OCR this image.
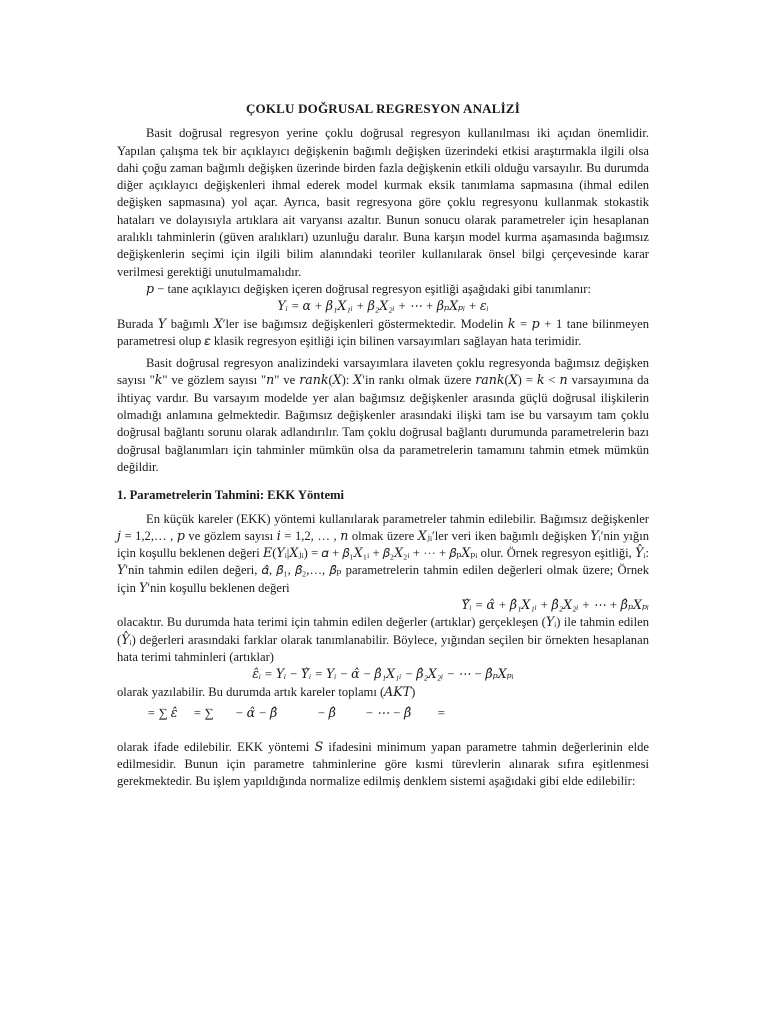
ÇOKLU DOĞRUSAL REGRESYON ANALİZİ

Basit doğrusal regresyon yerine çoklu doğrusal regresyon kullanılması iki açıdan önemlidir. Yapılan çalışma tek bir açıklayıcı değişkenin bağımlı değişken üzerindeki etkisi araştırmakla ilgili olsa dahi çoğu zaman bağımlı değişken üzerinde birden fazla değişkenin etkili olduğu varsayılır. Bu durumda diğer açıklayıcı değişkenleri ihmal ederek model kurmak eksik tanımlama sapmasına (ihmal edilen değişken sapmasına) yol açar. Ayrıca, basit regresyona göre çoklu regresyonu kullanmak stokastik hataları ve dolayısıyla artıklara ait varyansı azaltır. Bunun sonucu olarak parametreler için hesaplanan aralıklı tahminlerin (güven aralıkları) uzunluğu daralır. Buna karşın model kurma aşamasında bağımsız değişkenlerin seçimi için ilgili bilim alanındaki teoriler kullanılarak önsel bilgi çerçevesinde karar verilmesi gerektiği unutulmamalıdır.

𝑝 − tane açıklayıcı değişken içeren doğrusal regresyon eşitliği aşağıdaki gibi tanımlanır:

𝑌ᵢ = 𝛼 + 𝛽₁𝑋₁ᵢ + 𝛽₂𝑋₂ᵢ + ⋯ + 𝛽ₚ𝑋ₚᵢ + 𝜀ᵢ

Burada 𝑌 bağımlı 𝑋′ler ise bağımsız değişkenleri göstermektedir. Modelin 𝑘 = 𝑝 + 1 tane bilinmeyen parametresi olup 𝜀 klasik regresyon eşitliği için bilinen varsayımları sağlayan hata terimidir.

Basit doğrusal regresyon analizindeki varsayımlara ilaveten çoklu regresyonda bağımsız değişken sayısı "𝑘" ve gözlem sayısı "𝑛" ve 𝑟𝑎𝑛𝑘(𝑋): 𝑋′in rankı olmak üzere 𝑟𝑎𝑛𝑘(𝑋) = 𝑘 < 𝑛 varsayımına da ihtiyaç vardır. Bu varsayım modelde yer alan bağımsız değişkenler arasında güçlü doğrusal ilişkilerin olmadığı anlamına gelmektedir. Bağımsız değişkenler arasındaki ilişki tam ise bu varsayım tam çoklu doğrusal bağlantı sorunu olarak adlandırılır. Tam çoklu doğrusal bağlantı durumunda parametrelerin bazı doğrusal bağlanımları için tahminler mümkün olsa da parametrelerin tamamını tahmin etmek mümkün değildir.

1. Parametrelerin Tahmini: EKK Yöntemi

En küçük kareler (EKK) yöntemi kullanılarak parametreler tahmin edilebilir. Bağımsız değişkenler 𝑗 = 1,2,… , 𝑝 ve gözlem sayısı 𝑖 = 1,2, … , 𝑛 olmak üzere 𝑋ⱼᵢ′ler veri iken bağımlı değişken 𝑌ᵢ′nin yığın için koşullu beklenen değeri 𝐸(𝑌ᵢ|𝑋ⱼᵢ) = 𝛼 + 𝛽₁𝑋₁ᵢ + 𝛽₂𝑋₂ᵢ + ⋯ + 𝛽ₚ𝑋ₚᵢ olur. Örnek regresyon eşitliği, 𝑌̂ᵢ: 𝑌′nin tahmin edilen değeri, 𝛼̂, 𝛽̂₁, 𝛽̂₂,…, 𝛽̂ₚ parametrelerin tahmin edilen değerleri olmak üzere; Örnek için 𝑌′nin koşullu beklenen değeri

𝑌̂ᵢ = 𝛼̂ + 𝛽̂₁𝑋₁ᵢ + 𝛽̂₂𝑋₂ᵢ + ⋯ + 𝛽̂ₚ𝑋ₚᵢ

olacaktır. Bu durumda hata terimi için tahmin edilen değerler (artıklar) gerçekleşen (𝑌ᵢ) ile tahmin edilen (𝑌̂ᵢ) değerleri arasındaki farklar olarak tanımlanabilir. Böylece, yığından seçilen bir örnekten hesaplanan hata terimi tahminleri (artıklar)

𝜀̂ᵢ = 𝑌ᵢ − 𝑌̂ᵢ = 𝑌ᵢ − 𝛼̂ − 𝛽̂₁𝑋₁ᵢ − 𝛽̂₂𝑋₂ᵢ − ⋯ − 𝛽̂ₚ𝑋ₚᵢ

olarak yazılabilir. Bu durumda artık kareler toplamı (𝐴𝐾𝑇)

= ∑ 𝜀̂ = ∑ − 𝛼̂ − 𝛽̂	− 𝛽̂ − ⋯ − 𝛽̂ =

olarak ifade edilebilir. EKK yöntemi 𝑆 ifadesini minimum yapan parametre tahmin değerlerinin elde edilmesidir. Bunun için parametre tahminlerine göre kısmi türevlerin alınarak sıfıra eşitlenmesi gerekmektedir. Bu işlem yapıldığında normalize edilmiş denklem sistemi aşağıdaki gibi elde edilebilir:
